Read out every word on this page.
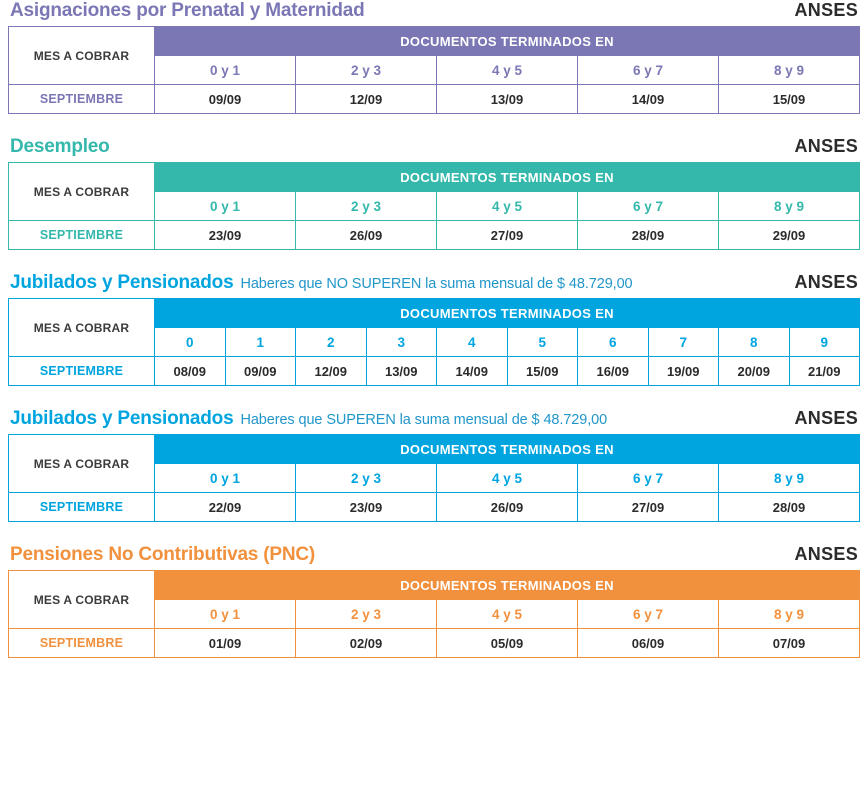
Asignaciones por Prenatal y Maternidad	ANSES
MES A COBRAR	DOCUMENTOS TERMINADOS EN				
	0 y 1	2 y 3	4 y 5	6 y 7	8 y 9
SEPTIEMBRE	09/09	12/09	13/09	14/09	15/09
Desempleo	ANSES
MES A COBRAR	DOCUMENTOS TERMINADOS EN				
	0 y 1	2 y 3	4 y 5	6 y 7	8 y 9
SEPTIEMBRE	23/09	26/09	27/09	28/09	29/09
Jubilados y Pensionados Haberes que NO SUPEREN la suma mensual de $ 48.729,00	ANSES
MES A COBRAR	DOCUMENTOS TERMINADOS EN									
	0	1	2	3	4	5	6	7	8	9
SEPTIEMBRE	08/09	09/09	12/09	13/09	14/09	15/09	16/09	19/09	20/09	21/09
Jubilados y Pensionados Haberes que SUPEREN la suma mensual de $ 48.729,00	ANSES
MES A COBRAR	DOCUMENTOS TERMINADOS EN				
	0 y 1	2 y 3	4 y 5	6 y 7	8 y 9
SEPTIEMBRE	22/09	23/09	26/09	27/09	28/09
Pensiones No Contributivas (PNC)	ANSES
MES A COBRAR	DOCUMENTOS TERMINADOS EN				
	0 y 1	2 y 3	4 y 5	6 y 7	8 y 9
SEPTIEMBRE	01/09	02/09	05/09	06/09	07/09
